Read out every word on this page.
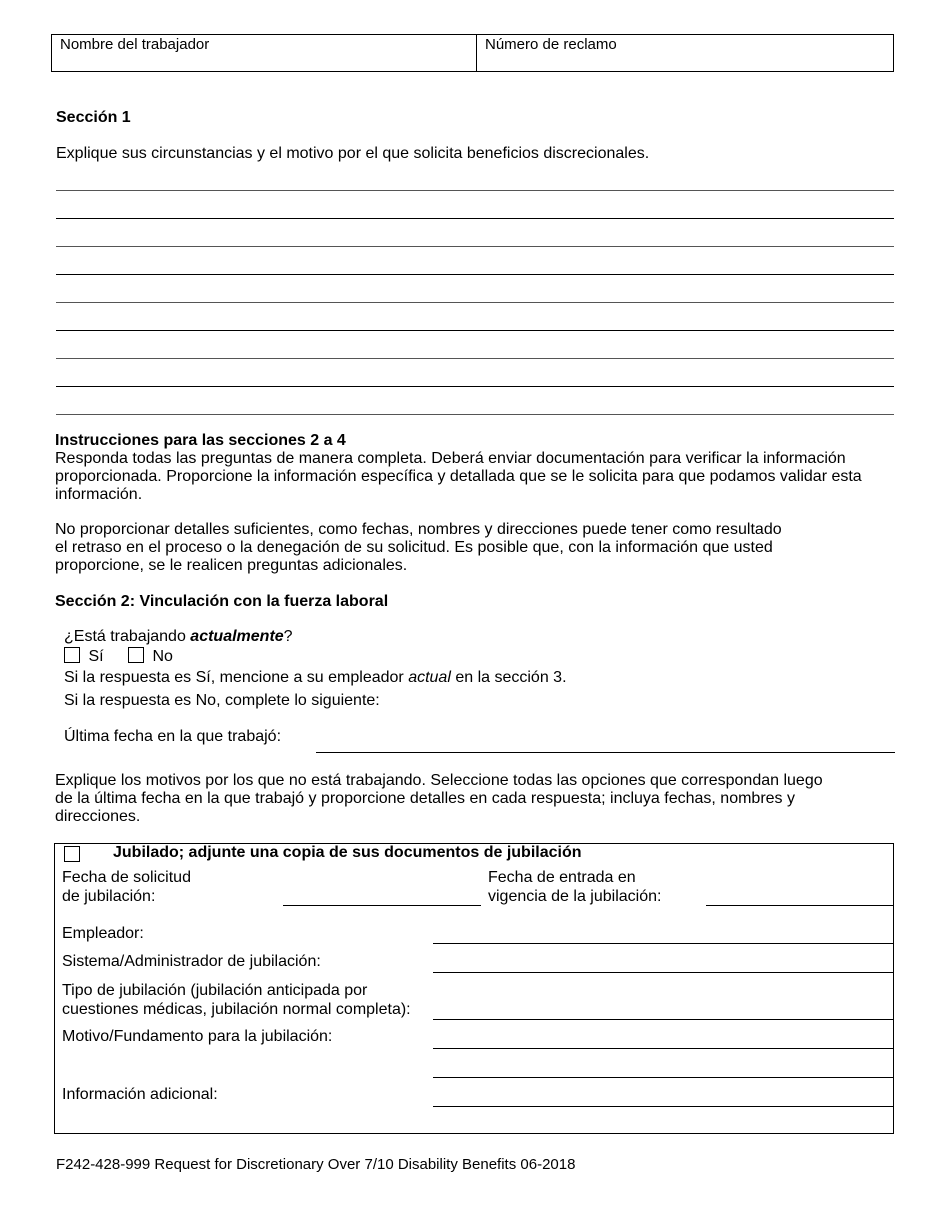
Nombre del trabajador	Número de reclamo
Sección 1
Explique sus circunstancias y el motivo por el que solicita beneficios discrecionales.
Instrucciones para las secciones 2 a 4
Responda todas las preguntas de manera completa. Deberá enviar documentación para verificar la información
proporcionada. Proporcione la información específica y detallada que se le solicita para que podamos validar esta
información.
No proporcionar detalles suficientes, como fechas, nombres y direcciones puede tener como resultado
el retraso en el proceso o la denegación de su solicitud. Es posible que, con la información que usted
proporcione, se le realicen preguntas adicionales.
Sección 2: Vinculación con la fuerza laboral
¿Está trabajando actualmente?
Sí	No
Si la respuesta es Sí, mencione a su empleador actual en la sección 3.
Si la respuesta es No, complete lo siguiente:
Última fecha en la que trabajó:
Explique los motivos por los que no está trabajando. Seleccione todas las opciones que correspondan luego
de la última fecha en la que trabajó y proporcione detalles en cada respuesta; incluya fechas, nombres y
direcciones.
Jubilado; adjunte una copia de sus documentos de jubilación
Fecha de solicitud
de jubilación:
Fecha de entrada en
vigencia de la jubilación:
Empleador:
Sistema/Administrador de jubilación:
Tipo de jubilación (jubilación anticipada por
cuestiones médicas, jubilación normal completa):
Motivo/Fundamento para la jubilación:
Información adicional:
F242-428-999 Request for Discretionary Over 7/10 Disability Benefits 06-2018
